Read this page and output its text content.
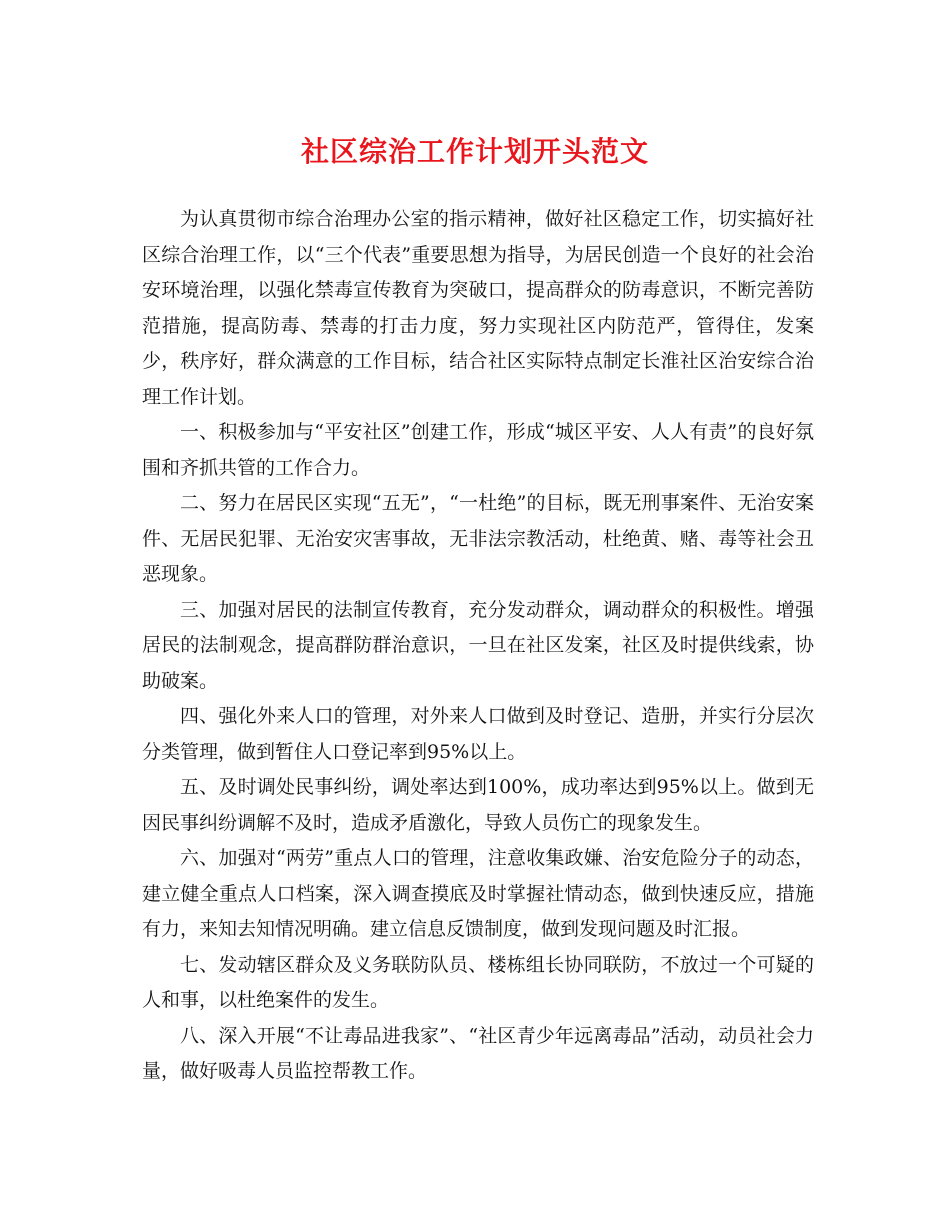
社区综治工作计划开头范文

为认真贯彻市综合治理办公室的指示精神，做好社区稳定工作，切实搞好社区综合治理工作，以“三个代表”重要思想为指导，为居民创造一个良好的社会治安环境治理，以强化禁毒宣传教育为突破口，提高群众的防毒意识，不断完善防范措施，提高防毒、禁毒的打击力度，努力实现社区内防范严，管得住，发案少，秩序好，群众满意的工作目标，结合社区实际特点制定长淮社区治安综合治理工作计划。

一、积极参加与“平安社区”创建工作，形成“城区平安、人人有责”的良好氛围和齐抓共管的工作合力。

二、努力在居民区实现“五无”，“一杜绝”的目标，既无刑事案件、无治安案件、无居民犯罪、无治安灾害事故，无非法宗教活动，杜绝黄、赌、毒等社会丑恶现象。

三、加强对居民的法制宣传教育，充分发动群众，调动群众的积极性。增强居民的法制观念，提高群防群治意识，一旦在社区发案，社区及时提供线索，协助破案。

四、强化外来人口的管理，对外来人口做到及时登记、造册，并实行分层次分类管理，做到暂住人口登记率到95%以上。

五、及时调处民事纠纷，调处率达到100%，成功率达到95%以上。做到无因民事纠纷调解不及时，造成矛盾激化，导致人员伤亡的现象发生。

六、加强对“两劳”重点人口的管理，注意收集政嫌、治安危险分子的动态，建立健全重点人口档案，深入调查摸底及时掌握社情动态，做到快速反应，措施有力，来知去知情况明确。建立信息反馈制度，做到发现问题及时汇报。

七、发动辖区群众及义务联防队员、楼栋组长协同联防，不放过一个可疑的人和事，以杜绝案件的发生。

八、深入开展“不让毒品进我家”、“社区青少年远离毒品”活动，动员社会力量，做好吸毒人员监控帮教工作。
